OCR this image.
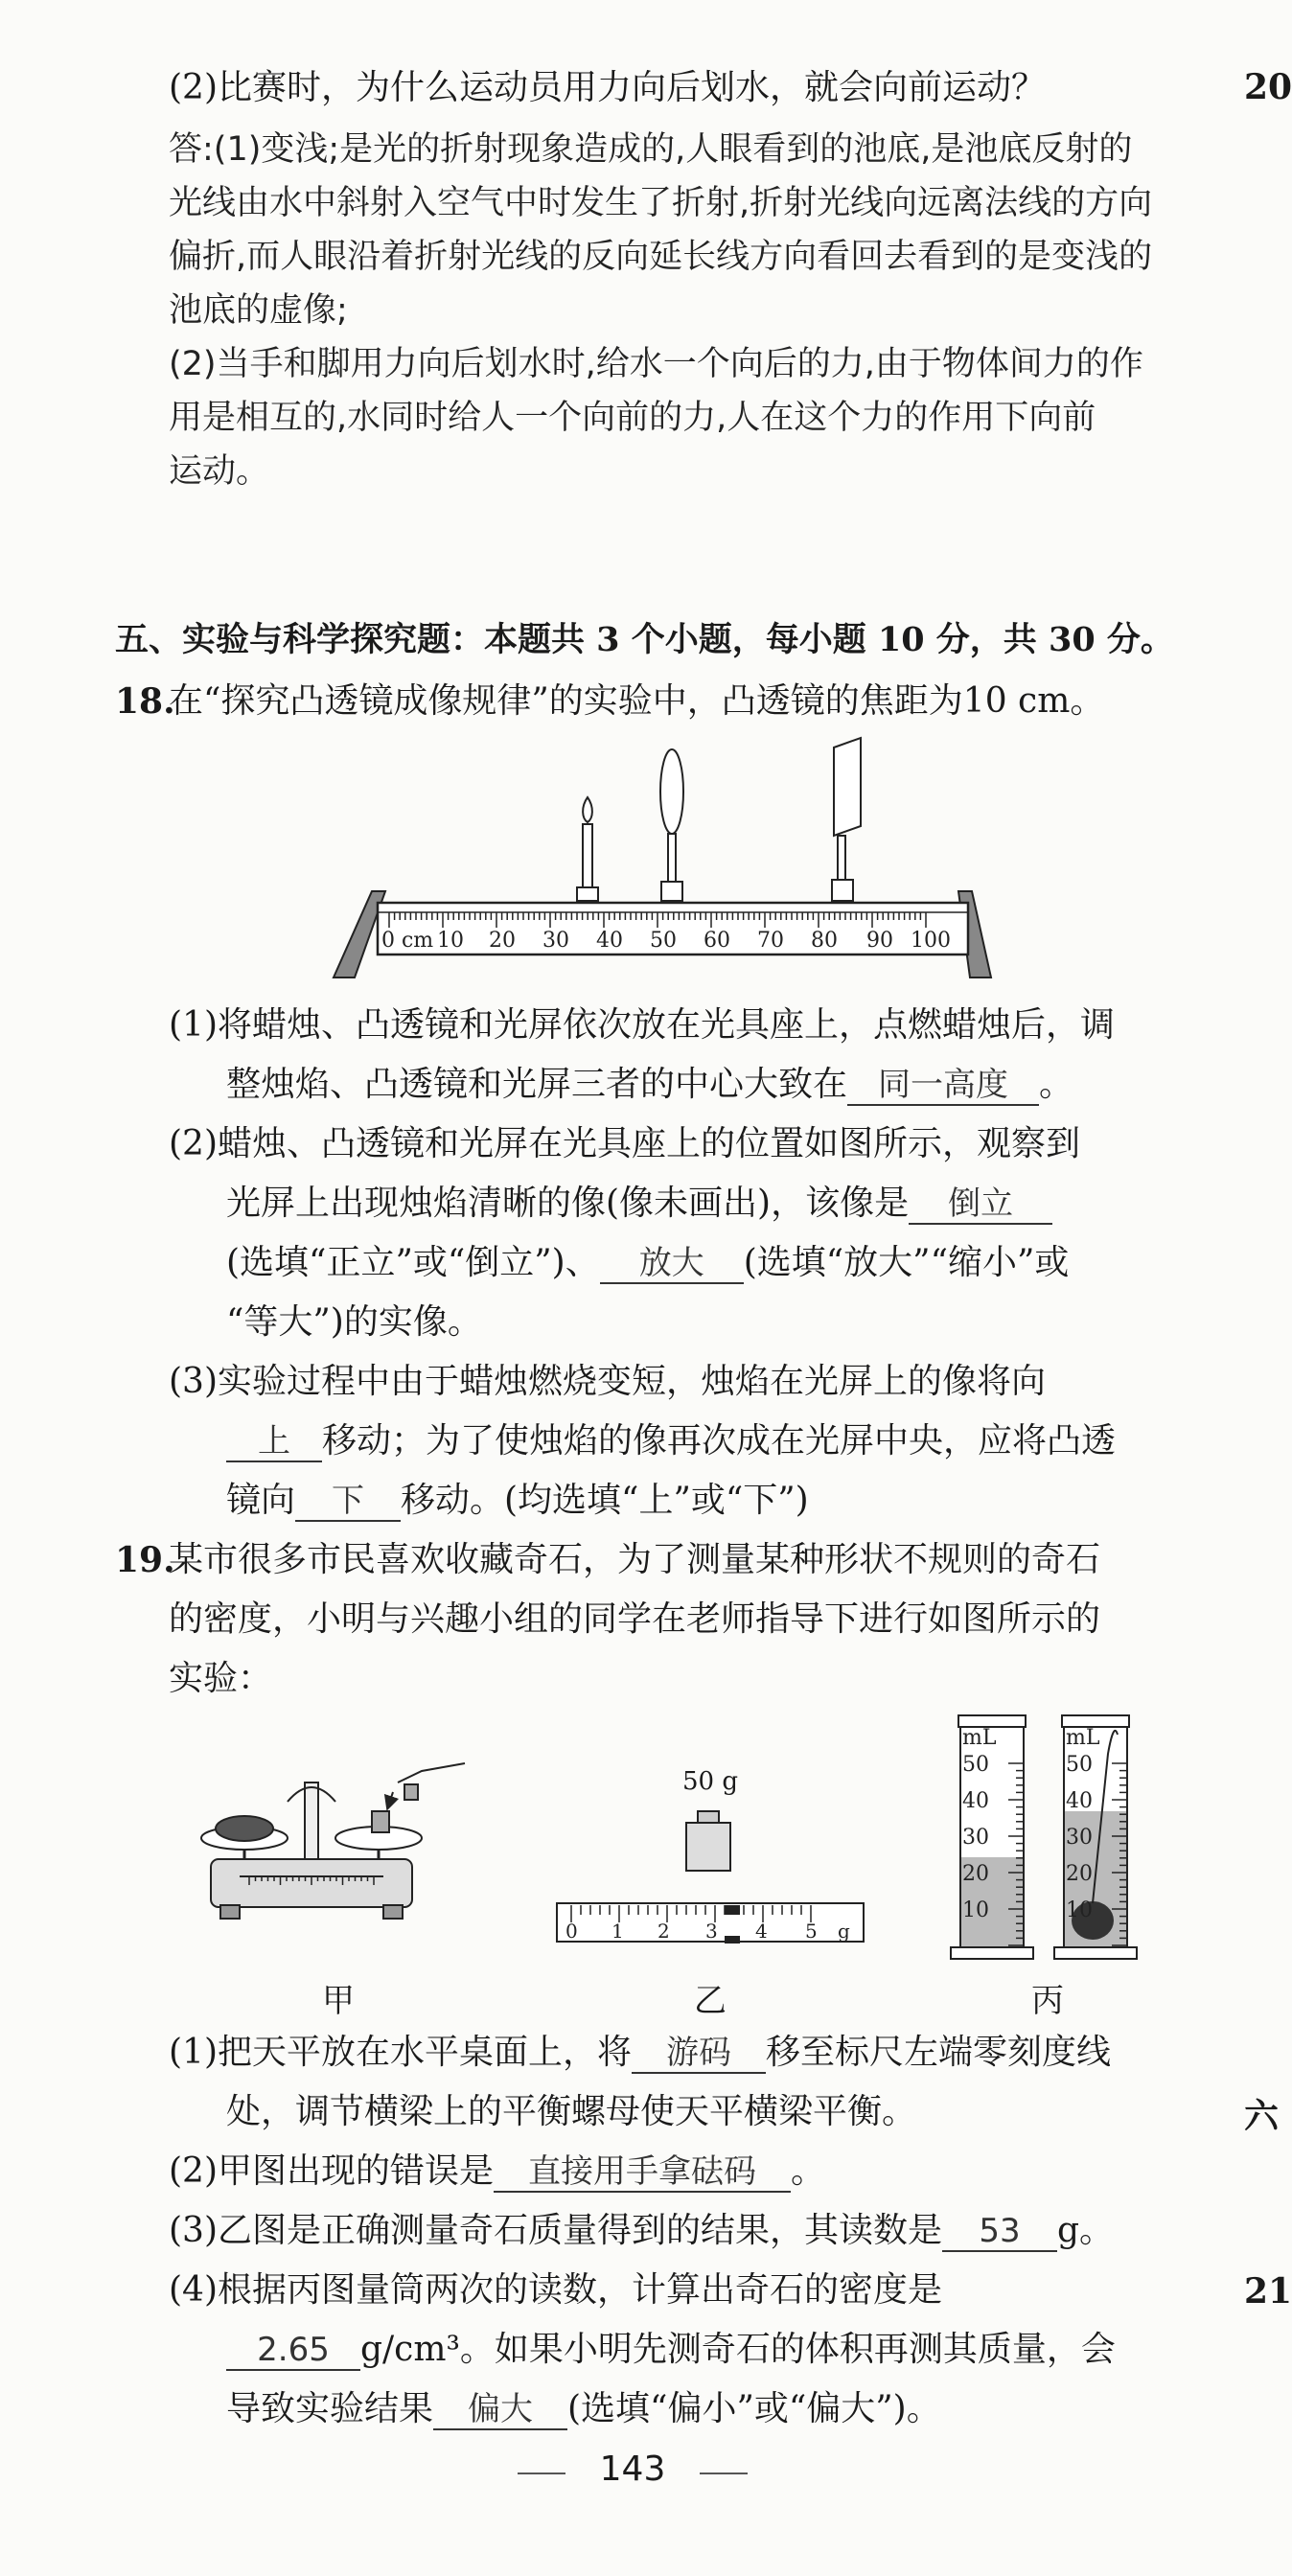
(2)比赛时，为什么运动员用力向后划水，就会向前运动？
答:(1)变浅;是光的折射现象造成的,人眼看到的池底,是池底反射的
光线由水中斜射入空气中时发生了折射,折射光线向远离法线的方向
偏折,而人眼沿着折射光线的反向延长线方向看回去看到的是变浅的
池底的虚像;
(2)当手和脚用力向后划水时,给水一个向后的力,由于物体间力的作
用是相互的,水同时给人一个向前的力,人在这个力的作用下向前
运动。
五、实验与科学探究题：本题共 3 个小题，每小题 10 分，共 30 分。
18.
在“探究凸透镜成像规律”的实验中，凸透镜的焦距为10 cm。
0 cm 10 20 30 40 50 60 70 80 90 100
(1)将蜡烛、凸透镜和光屏依次放在光具座上，点燃蜡烛后，调
整烛焰、凸透镜和光屏三者的中心大致在 同一高度 。
(2)蜡烛、凸透镜和光屏在光具座上的位置如图所示，观察到
光屏上出现烛焰清晰的像(像未画出)，该像是 倒立
(选填“正立”或“倒立”)、 放大 (选填“放大”“缩小”或
“等大”)的实像。
(3)实验过程中由于蜡烛燃烧变短，烛焰在光屏上的像将向
上 移动；为了使烛焰的像再次成在光屏中央，应将凸透
镜向 下 移动。(均选填“上”或“下”)
19.
某市很多市民喜欢收藏奇石，为了测量某种形状不规则的奇石
的密度，小明与兴趣小组的同学在老师指导下进行如图所示的
实验：
甲
50 g
0 1 2 3 4 5 g
乙
mL
50
40
30
20
10
mL
50
40
30
20
10
丙
(1)把天平放在水平桌面上，将 游码 移至标尺左端零刻度线
处，调节横梁上的平衡螺母使天平横梁平衡。
(2)甲图出现的错误是 直接用手拿砝码 。
(3)乙图是正确测量奇石质量得到的结果，其读数是 53 g。
(4)根据丙图量筒两次的读数，计算出奇石的密度是
2.65 g/cm³。如果小明先测奇石的体积再测其质量，会
导致实验结果 偏大 (选填“偏小”或“偏大”)。
143
20
六
21
